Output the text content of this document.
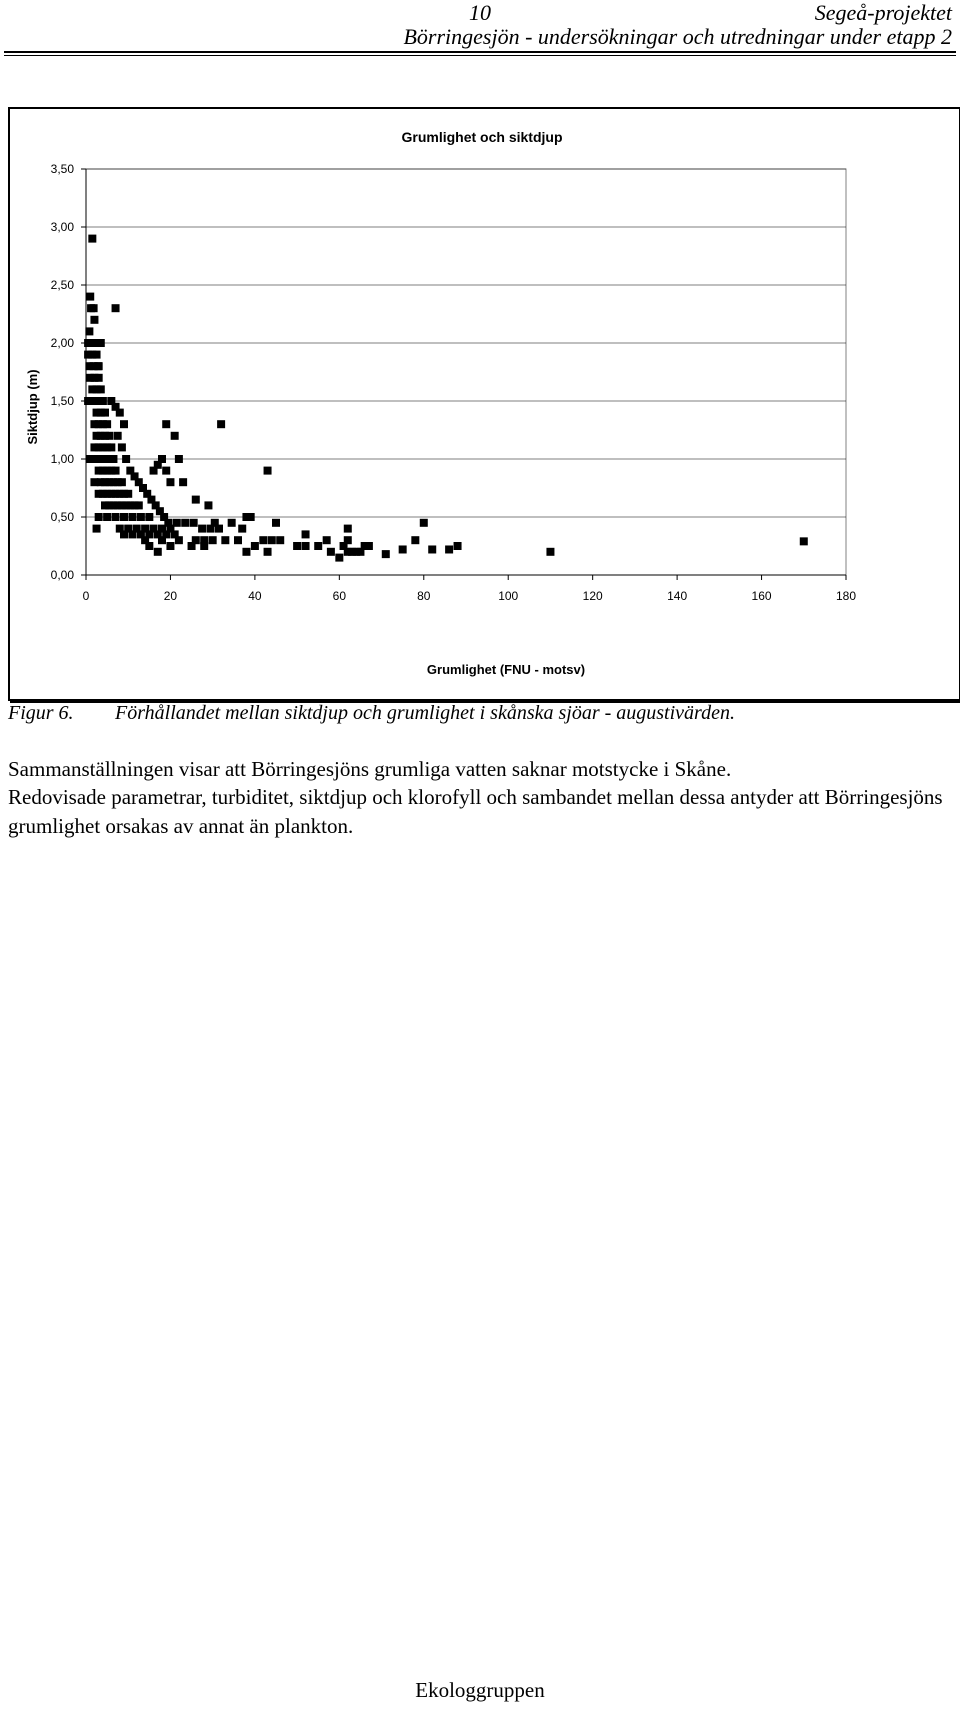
10	Segeå-projektet
Börringesjön - undersökningar och utredningar under etapp 2
Grumlighet och siktdjup
Siktdjup (m)
Grumlighet (FNU - motsv)
0,00
0,50
1,00
1,50
2,00
2,50
3,00
3,50
0	20	40	60	80	100	120	140	160	180
Figur 6. Förhållandet mellan siktdjup och grumlighet i skånska sjöar - augustivärden.

Sammanställningen visar att Börringesjöns grumliga vatten saknar motstycke i Skåne.

Redovisade parametrar, turbiditet, siktdjup och klorofyll och sambandet mellan dessa antyder att Börringesjöns grumlighet orsakas av annat än plankton.

Ekologgruppen
